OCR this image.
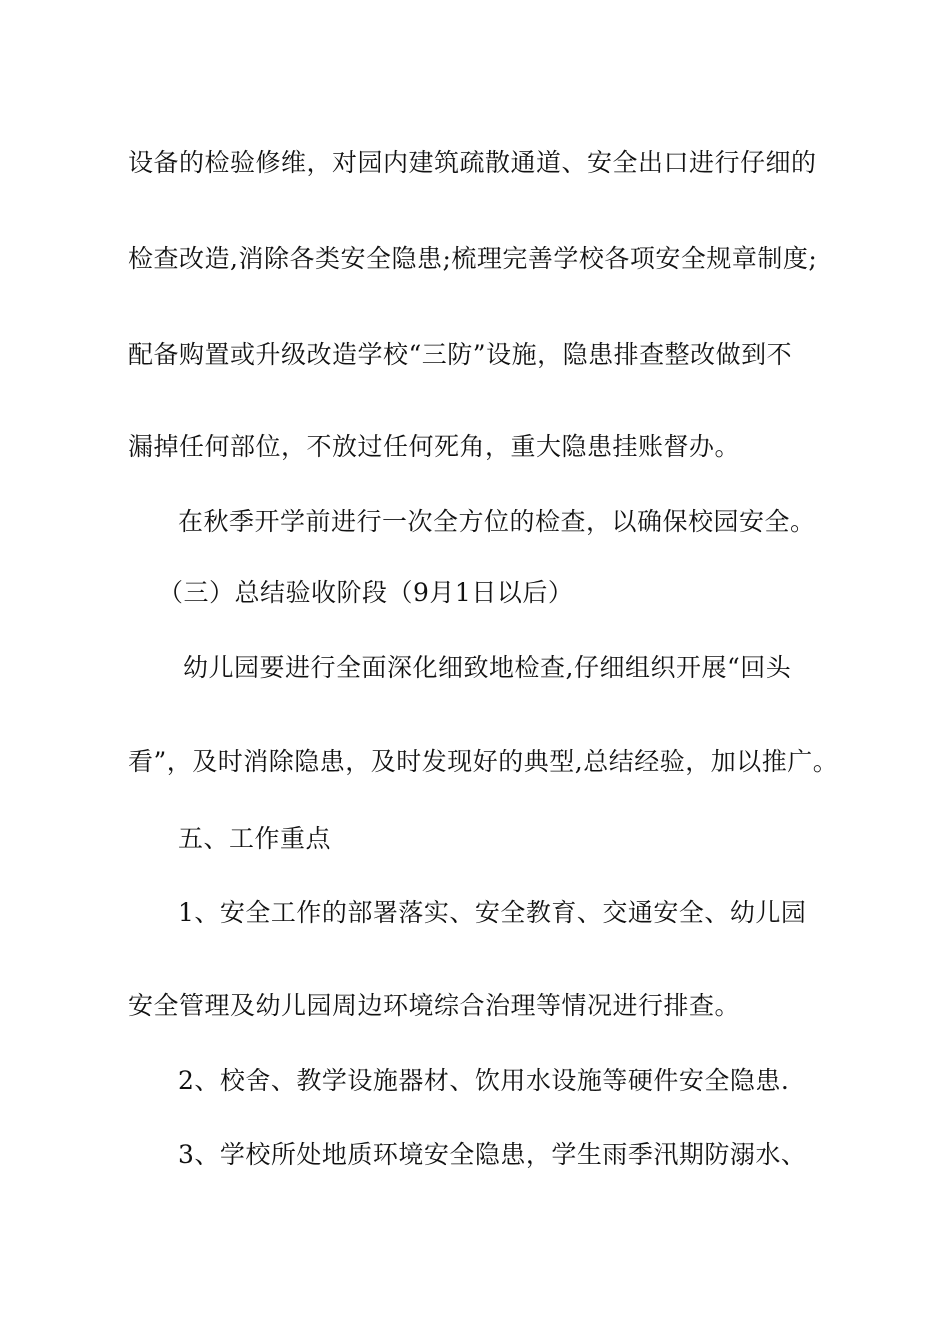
设备的检验修维，对园内建筑疏散通道、安全出口进行仔细的
检查改造,消除各类安全隐患;梳理完善学校各项安全规章制度;
配备购置或升级改造学校“三防”设施，隐患排查整改做到不
漏掉任何部位，不放过任何死角，重大隐患挂账督办。
在秋季开学前进行一次全方位的检查，以确保校园安全。
（三）总结验收阶段（9月1日以后）
幼儿园要进行全面深化细致地检查,仔细组织开展“回头
看”，及时消除隐患，及时发现好的典型,总结经验，加以推广。
五、工作重点
1、安全工作的部署落实、安全教育、交通安全、幼儿园
安全管理及幼儿园周边环境综合治理等情况进行排查。
2、校舍、教学设施器材、饮用水设施等硬件安全隐患.
3、学校所处地质环境安全隐患，学生雨季汛期防溺水、
